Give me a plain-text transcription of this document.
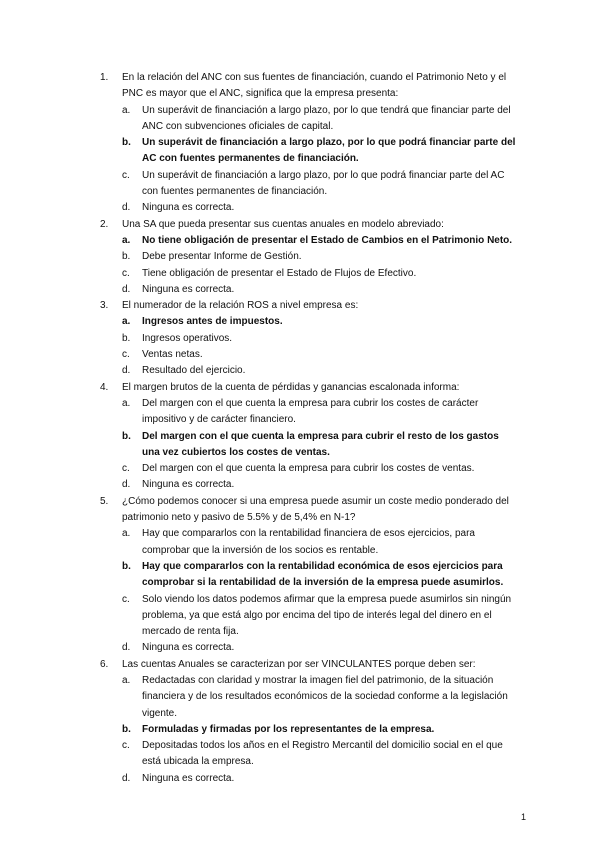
1. En la relación del ANC con sus fuentes de financiación, cuando el Patrimonio Neto y el PNC es mayor que el ANC, significa que la empresa presenta:
a. Un superávit de financiación a largo plazo, por lo que tendrá que financiar parte del ANC con subvenciones oficiales de capital.
b. Un superávit de financiación a largo plazo, por lo que podrá financiar parte del AC con fuentes permanentes de financiación.
c. Un superávit de financiación a largo plazo, por lo que podrá financiar parte del AC con fuentes permanentes de financiación.
d. Ninguna es correcta.
2. Una SA que pueda presentar sus cuentas anuales en modelo abreviado:
a. No tiene obligación de presentar el Estado de Cambios en el Patrimonio Neto.
b. Debe presentar Informe de Gestión.
c. Tiene obligación de presentar el Estado de Flujos de Efectivo.
d. Ninguna es correcta.
3. El numerador de la relación ROS a nivel empresa es:
a. Ingresos antes de impuestos.
b. Ingresos operativos.
c. Ventas netas.
d. Resultado del ejercicio.
4. El margen brutos de la cuenta de pérdidas y ganancias escalonada informa:
a. Del margen con el que cuenta la empresa para cubrir los costes de carácter impositivo y de carácter financiero.
b. Del margen con el que cuenta la empresa para cubrir el resto de los gastos una vez cubiertos los costes de ventas.
c. Del margen con el que cuenta la empresa para cubrir los costes de ventas.
d. Ninguna es correcta.
5. ¿Cómo podemos conocer si una empresa puede asumir un coste medio ponderado del patrimonio neto y pasivo de 5.5% y de 5,4% en N-1?
a. Hay que compararlos con la rentabilidad financiera de esos ejercicios, para comprobar que la inversión de los socios es rentable.
b. Hay que compararlos con la rentabilidad económica de esos ejercicios para comprobar si la rentabilidad de la inversión de la empresa puede asumirlos.
c. Solo viendo los datos podemos afirmar que la empresa puede asumirlos sin ningún problema, ya que está algo por encima del tipo de interés legal del dinero en el mercado de renta fija.
d. Ninguna es correcta.
6. Las cuentas Anuales se caracterizan por ser VINCULANTES porque deben ser:
a. Redactadas con claridad y mostrar la imagen fiel del patrimonio, de la situación financiera y de los resultados económicos de la sociedad conforme a la legislación vigente.
b. Formuladas y firmadas por los representantes de la empresa.
c. Depositadas todos los años en el Registro Mercantil del domicilio social en el que está ubicada la empresa.
d. Ninguna es correcta.
1
